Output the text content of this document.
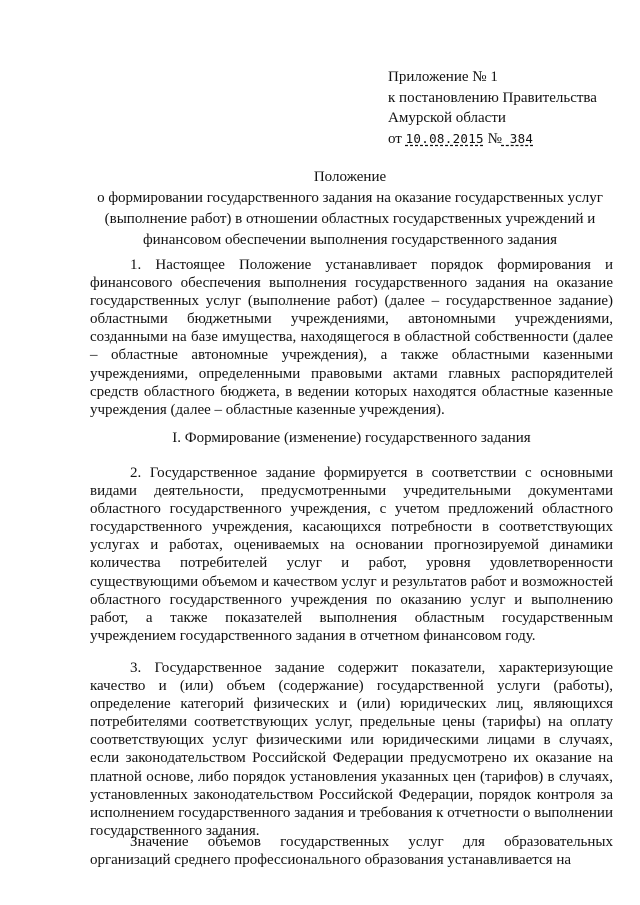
Приложение № 1
к постановлению Правительства
Амурской области
от 10.08.2015 № 384
Положение
о формировании государственного задания на оказание государственных услуг
(выполнение работ) в отношении областных государственных учреждений и
финансовом обеспечении выполнения государственного задания

1. Настоящее Положение устанавливает порядок формирования и финансового обеспечения выполнения государственного задания на оказание государственных услуг (выполнение работ) (далее – государственное задание) областными бюджетными учреждениями, автономными учреждениями, созданными на базе имущества, находящегося в областной собственности (далее – областные автономные учреждения), а также областными казенными учреждениями, определенными правовыми актами главных распорядителей средств областного бюджета, в ведении которых находятся областные казенные учреждения (далее – областные казенные учреждения).

I. Формирование (изменение) государственного задания

2. Государственное задание формируется в соответствии с основными видами деятельности, предусмотренными учредительными документами областного государственного учреждения, с учетом предложений областного государственного учреждения, касающихся потребности в соответствующих услугах и работах, оцениваемых на основании прогнозируемой динамики количества потребителей услуг и работ, уровня удовлетворенности существующими объемом и качеством услуг и результатов работ и возможностей областного государственного учреждения по оказанию услуг и выполнению работ, а также показателей выполнения областным государственным учреждением государственного задания в отчетном финансовом году.

3. Государственное задание содержит показатели, характеризующие качество и (или) объем (содержание) государственной услуги (работы), определение категорий физических и (или) юридических лиц, являющихся потребителями соответствующих услуг, предельные цены (тарифы) на оплату соответствующих услуг физическими или юридическими лицами в случаях, если законодательством Российской Федерации предусмотрено их оказание на платной основе, либо порядок установления указанных цен (тарифов) в случаях, установленных законодательством Российской Федерации, порядок контроля за исполнением государственного задания и требования к отчетности о выполнении государственного задания.

Значение объемов государственных услуг для образовательных организаций среднего профессионального образования устанавливается на
